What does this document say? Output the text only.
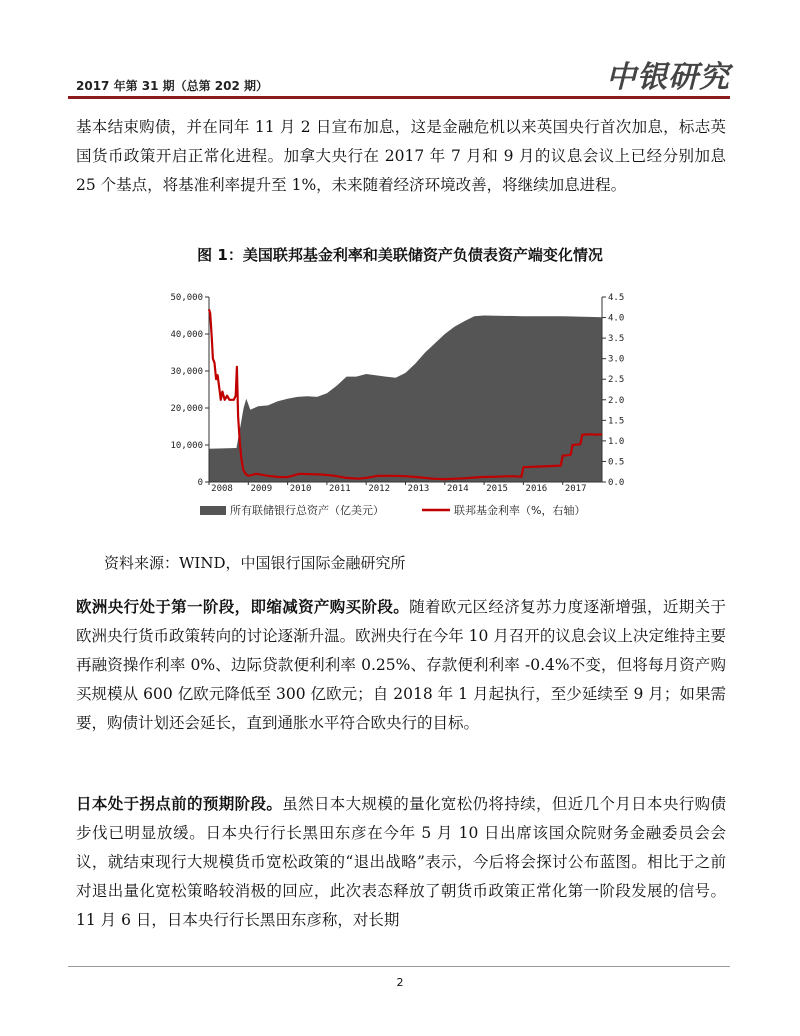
2017 年第 31 期（总第 202 期）	中银研究

基本结束购债，并在同年 11 月 2 日宣布加息，这是金融危机以来英国央行首次加息，标志英国货币政策开启正常化进程。加拿大央行在 2017 年 7 月和 9 月的议息会议上已经分别加息 25 个基点，将基准利率提升至 1%，未来随着经济环境改善，将继续加息进程。

图 1：美国联邦基金利率和美联储资产负债表资产端变化情况

0
10,000
20,000
30,000
40,000
50,000
0.0
0.5
1.0
1.5
2.0
2.5
3.0
3.5
4.0
4.5
2008 2009 2010 2011 2012 2013 2014 2015 2016 2017
所有联储银行总资产（亿美元）	联邦基金利率（%，右轴）

资料来源：WIND，中国银行国际金融研究所

欧洲央行处于第一阶段，即缩减资产购买阶段。随着欧元区经济复苏力度逐渐增强，近期关于欧洲央行货币政策转向的讨论逐渐升温。欧洲央行在今年 10 月召开的议息会议上决定维持主要再融资操作利率 0%、边际贷款便利利率 0.25%、存款便利利率 -0.4%不变，但将每月资产购买规模从 600 亿欧元降低至 300 亿欧元；自 2018 年 1 月起执行，至少延续至 9 月；如果需要，购债计划还会延长，直到通胀水平符合欧央行的目标。

日本处于拐点前的预期阶段。虽然日本大规模的量化宽松仍将持续，但近几个月日本央行购债步伐已明显放缓。日本央行行长黑田东彦在今年 5 月 10 日出席该国众院财务金融委员会会议，就结束现行大规模货币宽松政策的“退出战略”表示，今后将会探讨公布蓝图。相比于之前对退出量化宽松策略较消极的回应，此次表态释放了朝货币政策正常化第一阶段发展的信号。11 月 6 日，日本央行行长黑田东彦称，对长期

2
